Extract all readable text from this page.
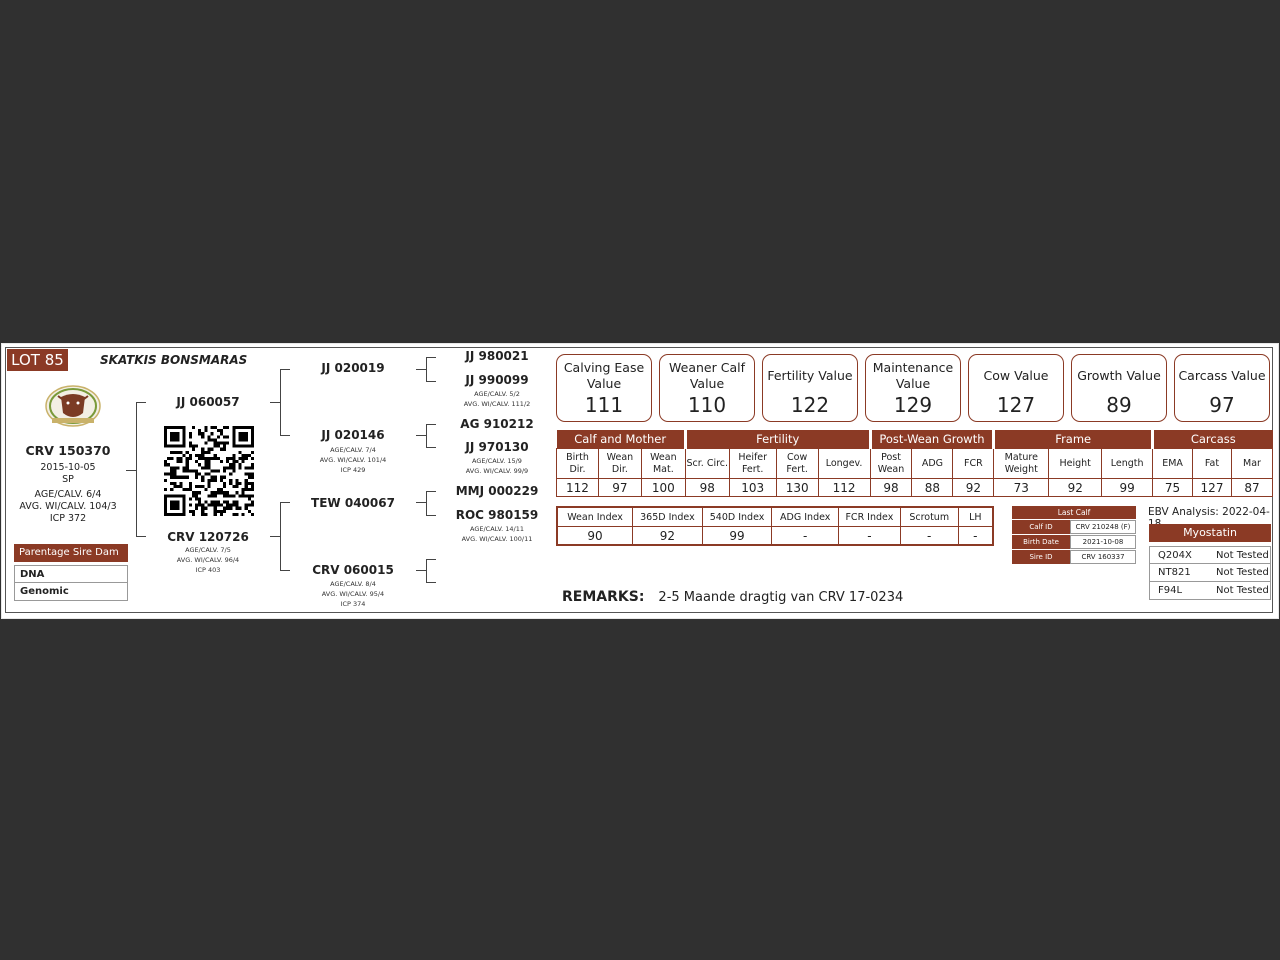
LOT 85	SKATKIS BONSMARAS
CRV 150370
2015-10-05
SP
AGE/CALV. 6/4
AVG. WI/CALV. 104/3
ICP 372
Parentage Sire Dam
DNA
Genomic
JJ 060057
CRV 120726
AGE/CALV. 7/5
AVG. WI/CALV. 96/4
ICP 403
JJ 020019
JJ 020146
AGE/CALV. 7/4
AVG. WI/CALV. 101/4
ICP 429
TEW 040067
CRV 060015
AGE/CALV. 8/4
AVG. WI/CALV. 95/4
ICP 374
JJ 980021
JJ 990099
AGE/CALV. 5/2
AVG. WI/CALV. 111/2
AG 910212
JJ 970130
AGE/CALV. 15/9
AVG. WI/CALV. 99/9
MMJ 000229
ROC 980159
AGE/CALV. 14/11
AVG. WI/CALV. 100/11
Calving Ease Value
111
Weaner Calf Value
110
Fertility Value
122
Maintenance Value
129
Cow Value
127
Growth Value
89
Carcass Value
97
Calf and Mother			Fertility				Post-Wean Growth			Frame			Carcass		
Birth Dir.	Wean Dir.	Wean Mat.	Scr. Circ.	Heifer Fert.	Cow Fert.	Longev.	Post Wean	ADG	FCR	Mature Weight	Height	Length	EMA	Fat	Mar
112	97	100	98	103	130	112	98	88	92	73	92	99	75	127	87
Wean Index	365D Index	540D Index	ADG Index	FCR Index	Scrotum	LH
90	92	99	-	-	-	-
Last Calf
Calf ID	CRV 210248 (F)
Birth Date	2021-10-08
Sire ID	CRV 160337
EBV Analysis: 2022-04-
Myostatin
Q204X	Not Tested
NT821	Not Tested
F94L	Not Tested
REMARKS: 2-5 Maande dragtig van CRV 17-0234
